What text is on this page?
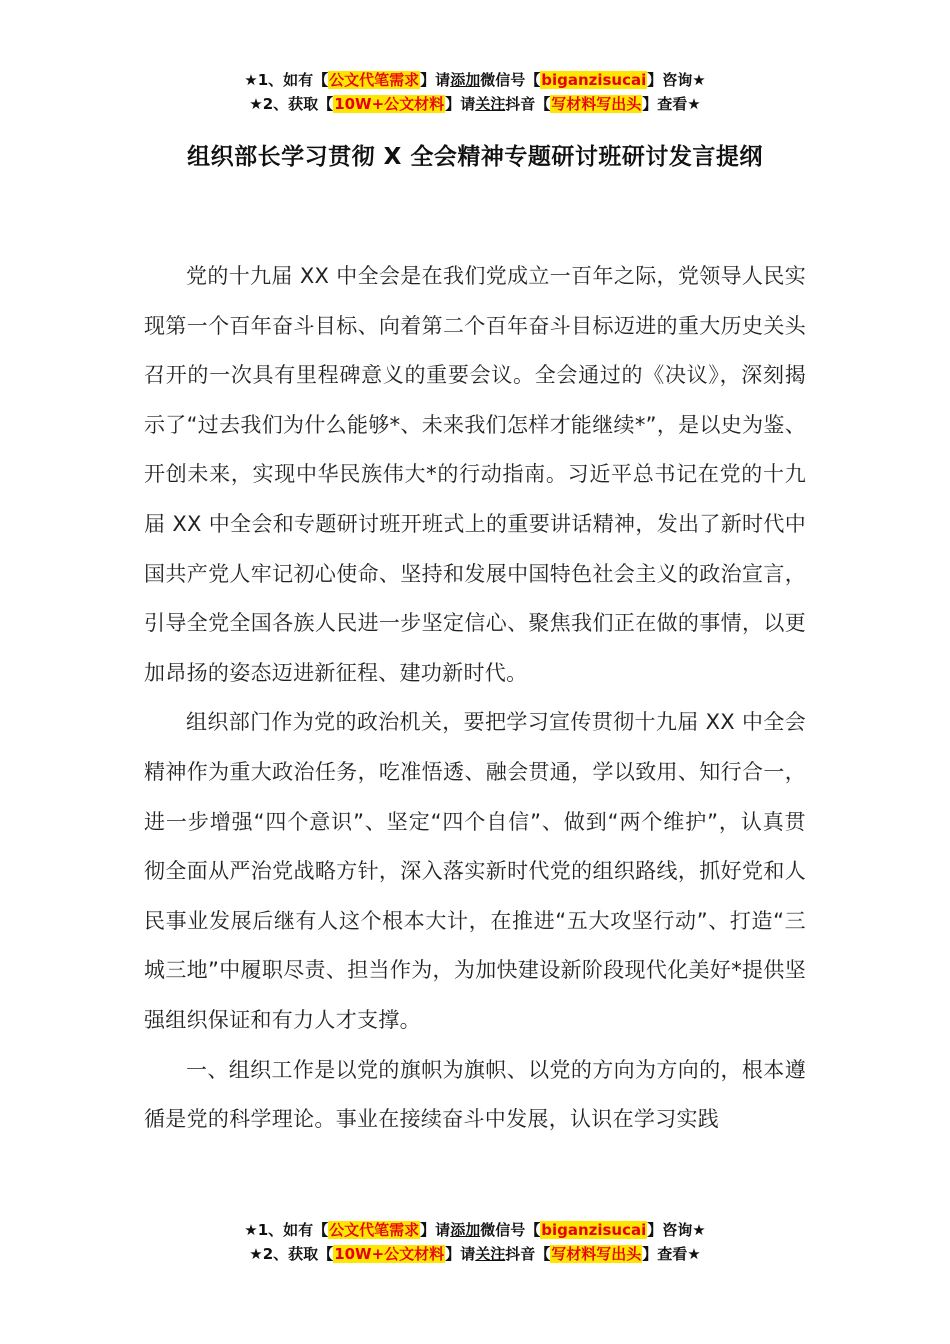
★1、如有【公文代笔需求】请添加微信号【biganzisucai】咨询★
★2、获取【10W+公文材料】请关注抖音【写材料写出头】查看★
组织部长学习贯彻 X 全会精神专题研讨班研讨发言提纲

党的十九届 XX 中全会是在我们党成立一百年之际，党领导人民实现第一个百年奋斗目标、向着第二个百年奋斗目标迈进的重大历史关头召开的一次具有里程碑意义的重要会议。全会通过的《决议》，深刻揭示了“过去我们为什么能够*、未来我们怎样才能继续*”，是以史为鉴、开创未来，实现中华民族伟大*的行动指南。习近平总书记在党的十九届 XX 中全会和专题研讨班开班式上的重要讲话精神，发出了新时代中国共产党人牢记初心使命、坚持和发展中国特色社会主义的政治宣言，引导全党全国各族人民进一步坚定信心、聚焦我们正在做的事情，以更加昂扬的姿态迈进新征程、建功新时代。

组织部门作为党的政治机关，要把学习宣传贯彻十九届 XX 中全会精神作为重大政治任务，吃准悟透、融会贯通，学以致用、知行合一，进一步增强“四个意识”、坚定“四个自信”、做到“两个维护”，认真贯彻全面从严治党战略方针，深入落实新时代党的组织路线，抓好党和人民事业发展后继有人这个根本大计，在推进“五大攻坚行动”、打造“三城三地”中履职尽责、担当作为，为加快建设新阶段现代化美好*提供坚强组织保证和有力人才支撑。

一、组织工作是以党的旗帜为旗帜、以党的方向为方向的，根本遵循是党的科学理论。事业在接续奋斗中发展，认识在学习实践

★1、如有【公文代笔需求】请添加微信号【biganzisucai】咨询★
★2、获取【10W+公文材料】请关注抖音【写材料写出头】查看★
